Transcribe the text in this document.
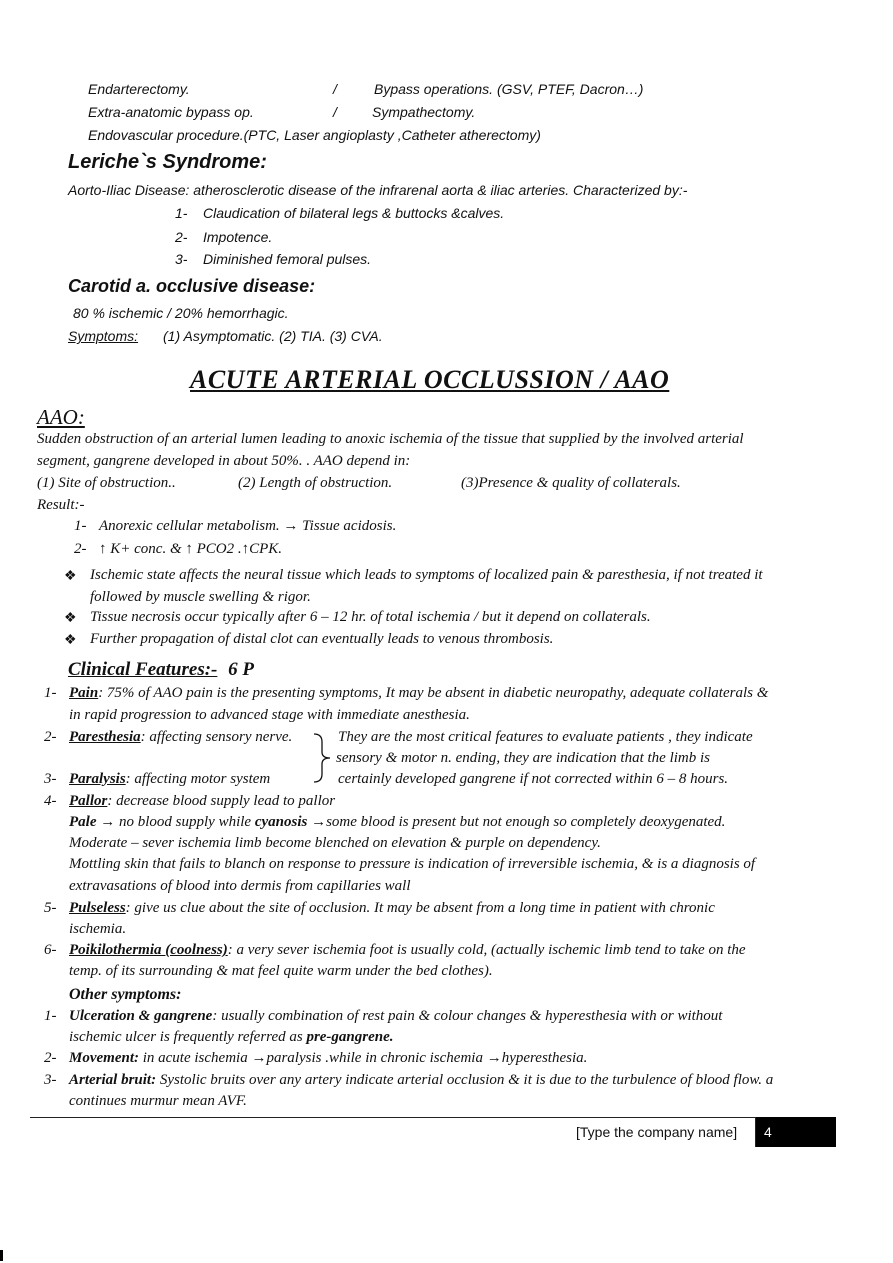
Endarterectomy.	/	Bypass operations. (GSV, PTEF, Dacron…)
Extra-anatomic bypass op.	/	Sympathectomy.
Endovascular procedure.(PTC, Laser angioplasty ,Catheter atherectomy)
Leriche`s Syndrome:
Aorto-Iliac Disease: atherosclerotic disease of the infrarenal aorta & iliac arteries. Characterized by:-
1- Claudication of bilateral legs & buttocks &calves.
2- Impotence.
3- Diminished femoral pulses.
Carotid a. occlusive disease:
80 % ischemic / 20% hemorrhagic.
Symptoms: (1) Asymptomatic. (2) TIA. (3) CVA.
ACUTE ARTERIAL OCCLUSSION / AAO
AAO:
Sudden obstruction of an arterial lumen leading to anoxic ischemia of the tissue that supplied by the involved arterial
segment, gangrene developed in about 50%. . AAO depend in:
(1) Site of obstruction..	(2) Length of obstruction.	(3)Presence & quality of collaterals.
Result:-
1- Anorexic cellular metabolism. → Tissue acidosis.
2- ↑ K+ conc. & ↑ PCO2 .↑CPK.
❖ Ischemic state affects the neural tissue which leads to symptoms of localized pain & paresthesia, if not treated it
followed by muscle swelling & rigor.
❖ Tissue necrosis occur typically after 6 – 12 hr. of total ischemia / but it depend on collaterals.
❖ Further propagation of distal clot can eventually leads to venous thrombosis.
Clinical Features:- 6 P
1- Pain: 75% of AAO pain is the presenting symptoms, It may be absent in diabetic neuropathy, adequate collaterals &
in rapid progression to advanced stage with immediate anesthesia.
2- Paresthesia: affecting sensory nerve.	They are the most critical features to evaluate patients , they indicate
sensory & motor n. ending, they are indication that the limb is
certainly developed gangrene if not corrected within 6 – 8 hours.
3- Paralysis: affecting motor system
4- Pallor: decrease blood supply lead to pallor
Pale → no blood supply while cyanosis →some blood is present but not enough so completely deoxygenated.
Moderate – sever ischemia limb become blenched on elevation & purple on dependency.
Mottling skin that fails to blanch on response to pressure is indication of irreversible ischemia, & is a diagnosis of
extravasations of blood into dermis from capillaries wall
5- Pulseless: give us clue about the site of occlusion. It may be absent from a long time in patient with chronic
ischemia.
6- Poikilothermia (coolness): a very sever ischemia foot is usually cold, (actually ischemic limb tend to take on the
temp. of its surrounding & mat feel quite warm under the bed clothes).
Other symptoms:
1- Ulceration & gangrene: usually combination of rest pain & colour changes & hyperesthesia with or without
ischemic ulcer is frequently referred as pre-gangrene.
2- Movement: in acute ischemia →paralysis .while in chronic ischemia →hyperesthesia.
3- Arterial bruit: Systolic bruits over any artery indicate arterial occlusion & it is due to the turbulence of blood flow. a
continues murmur mean AVF.
[Type the company name]	4
